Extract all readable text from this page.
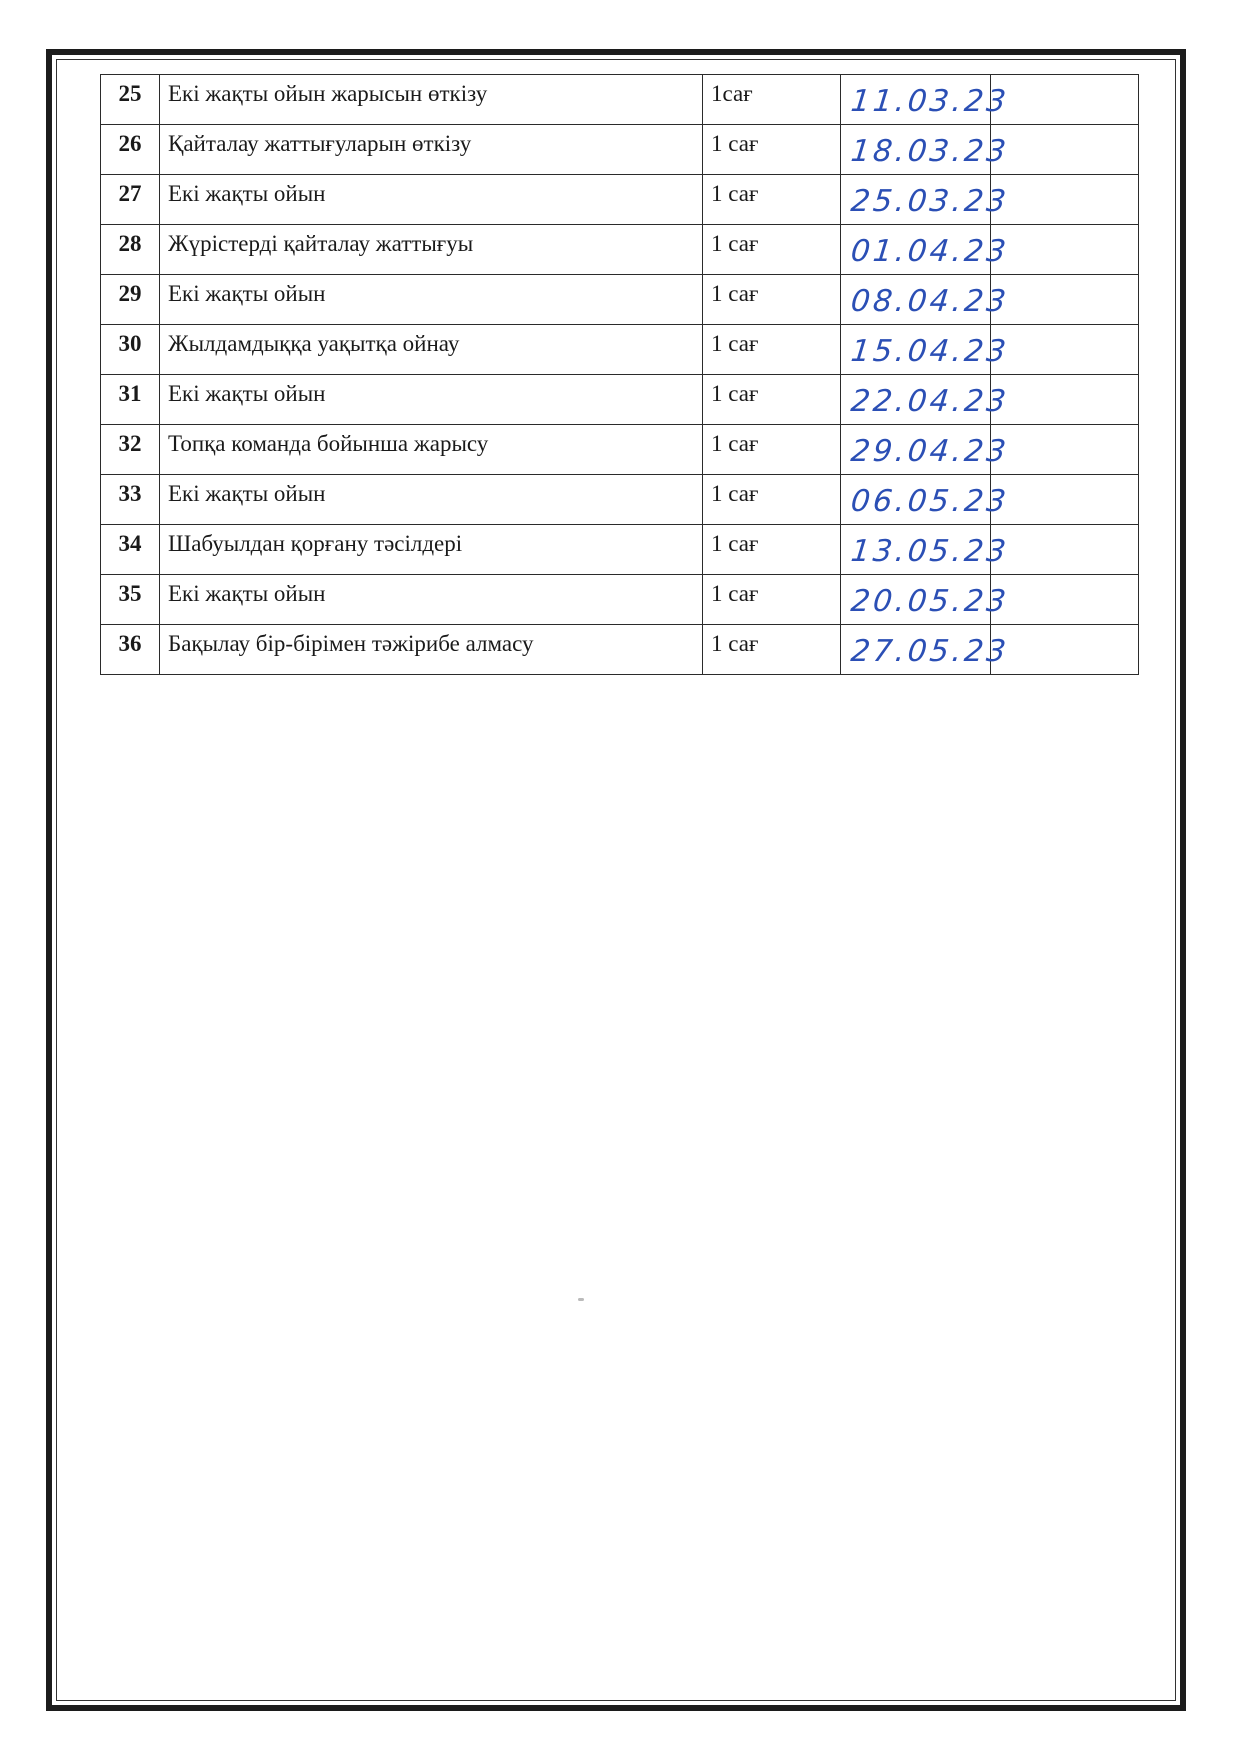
25	Екі жақты ойын жарысын өткізу	1сағ	11.03.23	

26	Қайталау жаттығуларын өткізу	1 сағ	18.03.23	

27	Екі жақты ойын	1 сағ	25.03.23	

28	Жүрістерді қайталау жаттығуы	1 сағ	01.04.23	

29	Екі жақты ойын	1 сағ	08.04.23	

30	Жылдамдыққа уақытқа ойнау	1 сағ	15.04.23	

31	Екі жақты ойын	1 сағ	22.04.23	

32	Топқа команда бойынша жарысу	1 сағ	29.04.23	

33	Екі жақты ойын	1 сағ	06.05.23	

34	Шабуылдан қорғану тәсілдері	1 сағ	13.05.23	

35	Екі жақты ойын	1 сағ	20.05.23	

36	Бақылау бір-бірімен тәжірибе алмасу	1 сағ	27.05.23	
